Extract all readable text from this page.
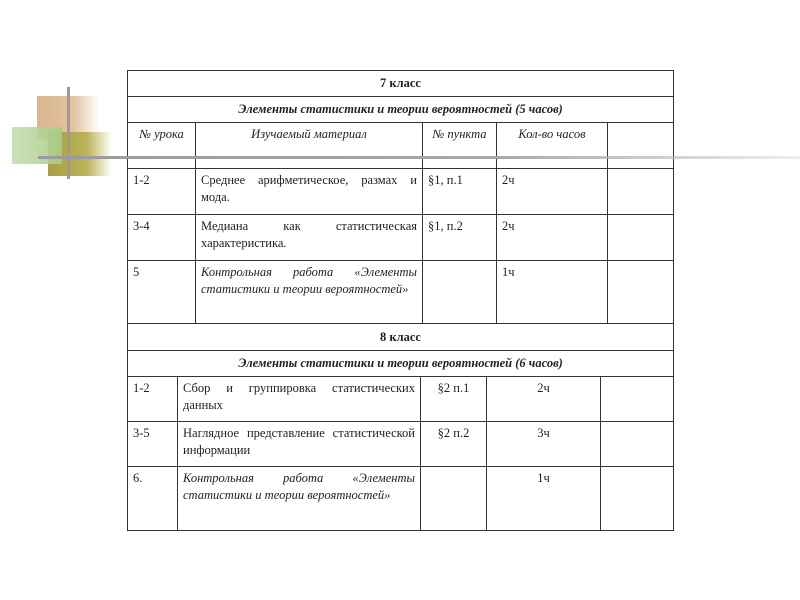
7 класс				
Элементы статистики и теории вероятностей (5 часов)				
№ урока	Изучаемый материал	№ пункта	Кол-во часов	
1-2	Среднее арифметическое, размах и мода.	§1, п.1	2ч	
3-4	Медиана как статистическая характеристика.	§1, п.2	2ч	
5	Контрольная работа «Элементы статистики и теории вероятностей»		1ч	
8 класс				
Элементы статистики и теории вероятностей (6 часов)				
1-2	Сбор и группировка статистических данных	§2 п.1	2ч	
3-5	Наглядное представление статистической информации	§2 п.2	3ч	
6.	Контрольная работа «Элементы статистики и теории вероятностей»		1ч	
